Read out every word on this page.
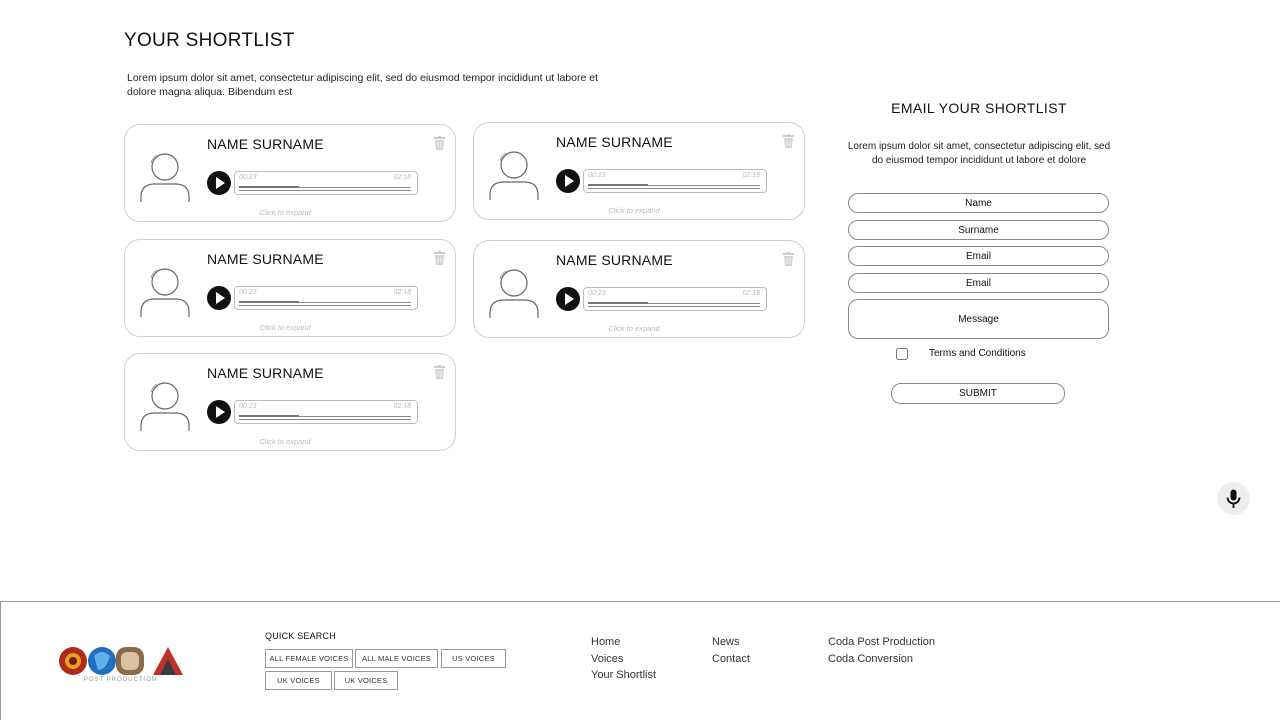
YOUR SHORTLIST

Lorem ipsum dolor sit amet, consectetur adipiscing elit, sed do eiusmod tempor incididunt ut labore et dolore magna aliqua. Bibendum est

NAME SURNAME
00:23	02:18
Click to expand
NAME SURNAME
00:23	02:18
Click to expand
NAME SURNAME
00:23	02:18
Click to expand
NAME SURNAME
00:23	02:18
Click to expand
NAME SURNAME
00:23	02:18
Click to expand
EMAIL YOUR SHORTLIST

Lorem ipsum dolor sit amet, consectetur adipiscing elit, sed do eiusmod tempor incididunt ut labore et dolore

Name
Surname
Email
Email
Message
Terms and Conditions
SUBMIT
POST PRODUCTION
QUICK SEARCH
ALL FEMALE VOICES	ALL MALE VOICES	US VOICES
UK VOICES	UK VOICES
Home
Voices
Your Shortlist
News
Contact
Coda Post Production
Coda Conversion
